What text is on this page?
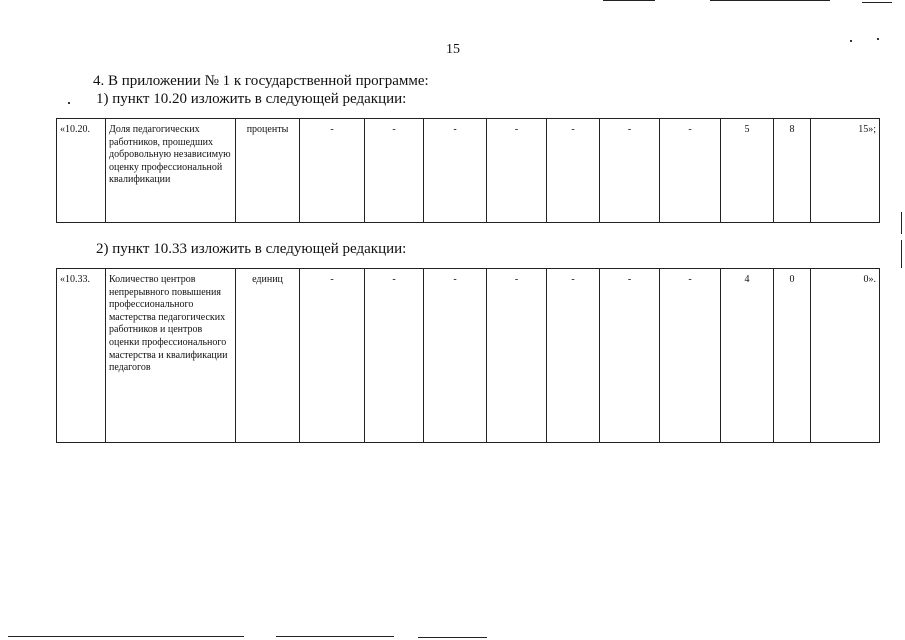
15
4. В приложении № 1 к государственной программе:
1) пункт 10.20 изложить в следующей редакции:
«10.20.	Доля педагогических работников, прошедших добровольную независимую оценку профессиональной квалификации	проценты	-	-	-	-	-	-	-	5	8	15»;
2) пункт 10.33 изложить в следующей редакции:
«10.33.	Количество центров непрерывного повышения профессионального мастерства педагогических работников и центров оценки профессионального мастерства и квалификации педагогов	единиц	-	-	-	-	-	-	-	4	0	0».
